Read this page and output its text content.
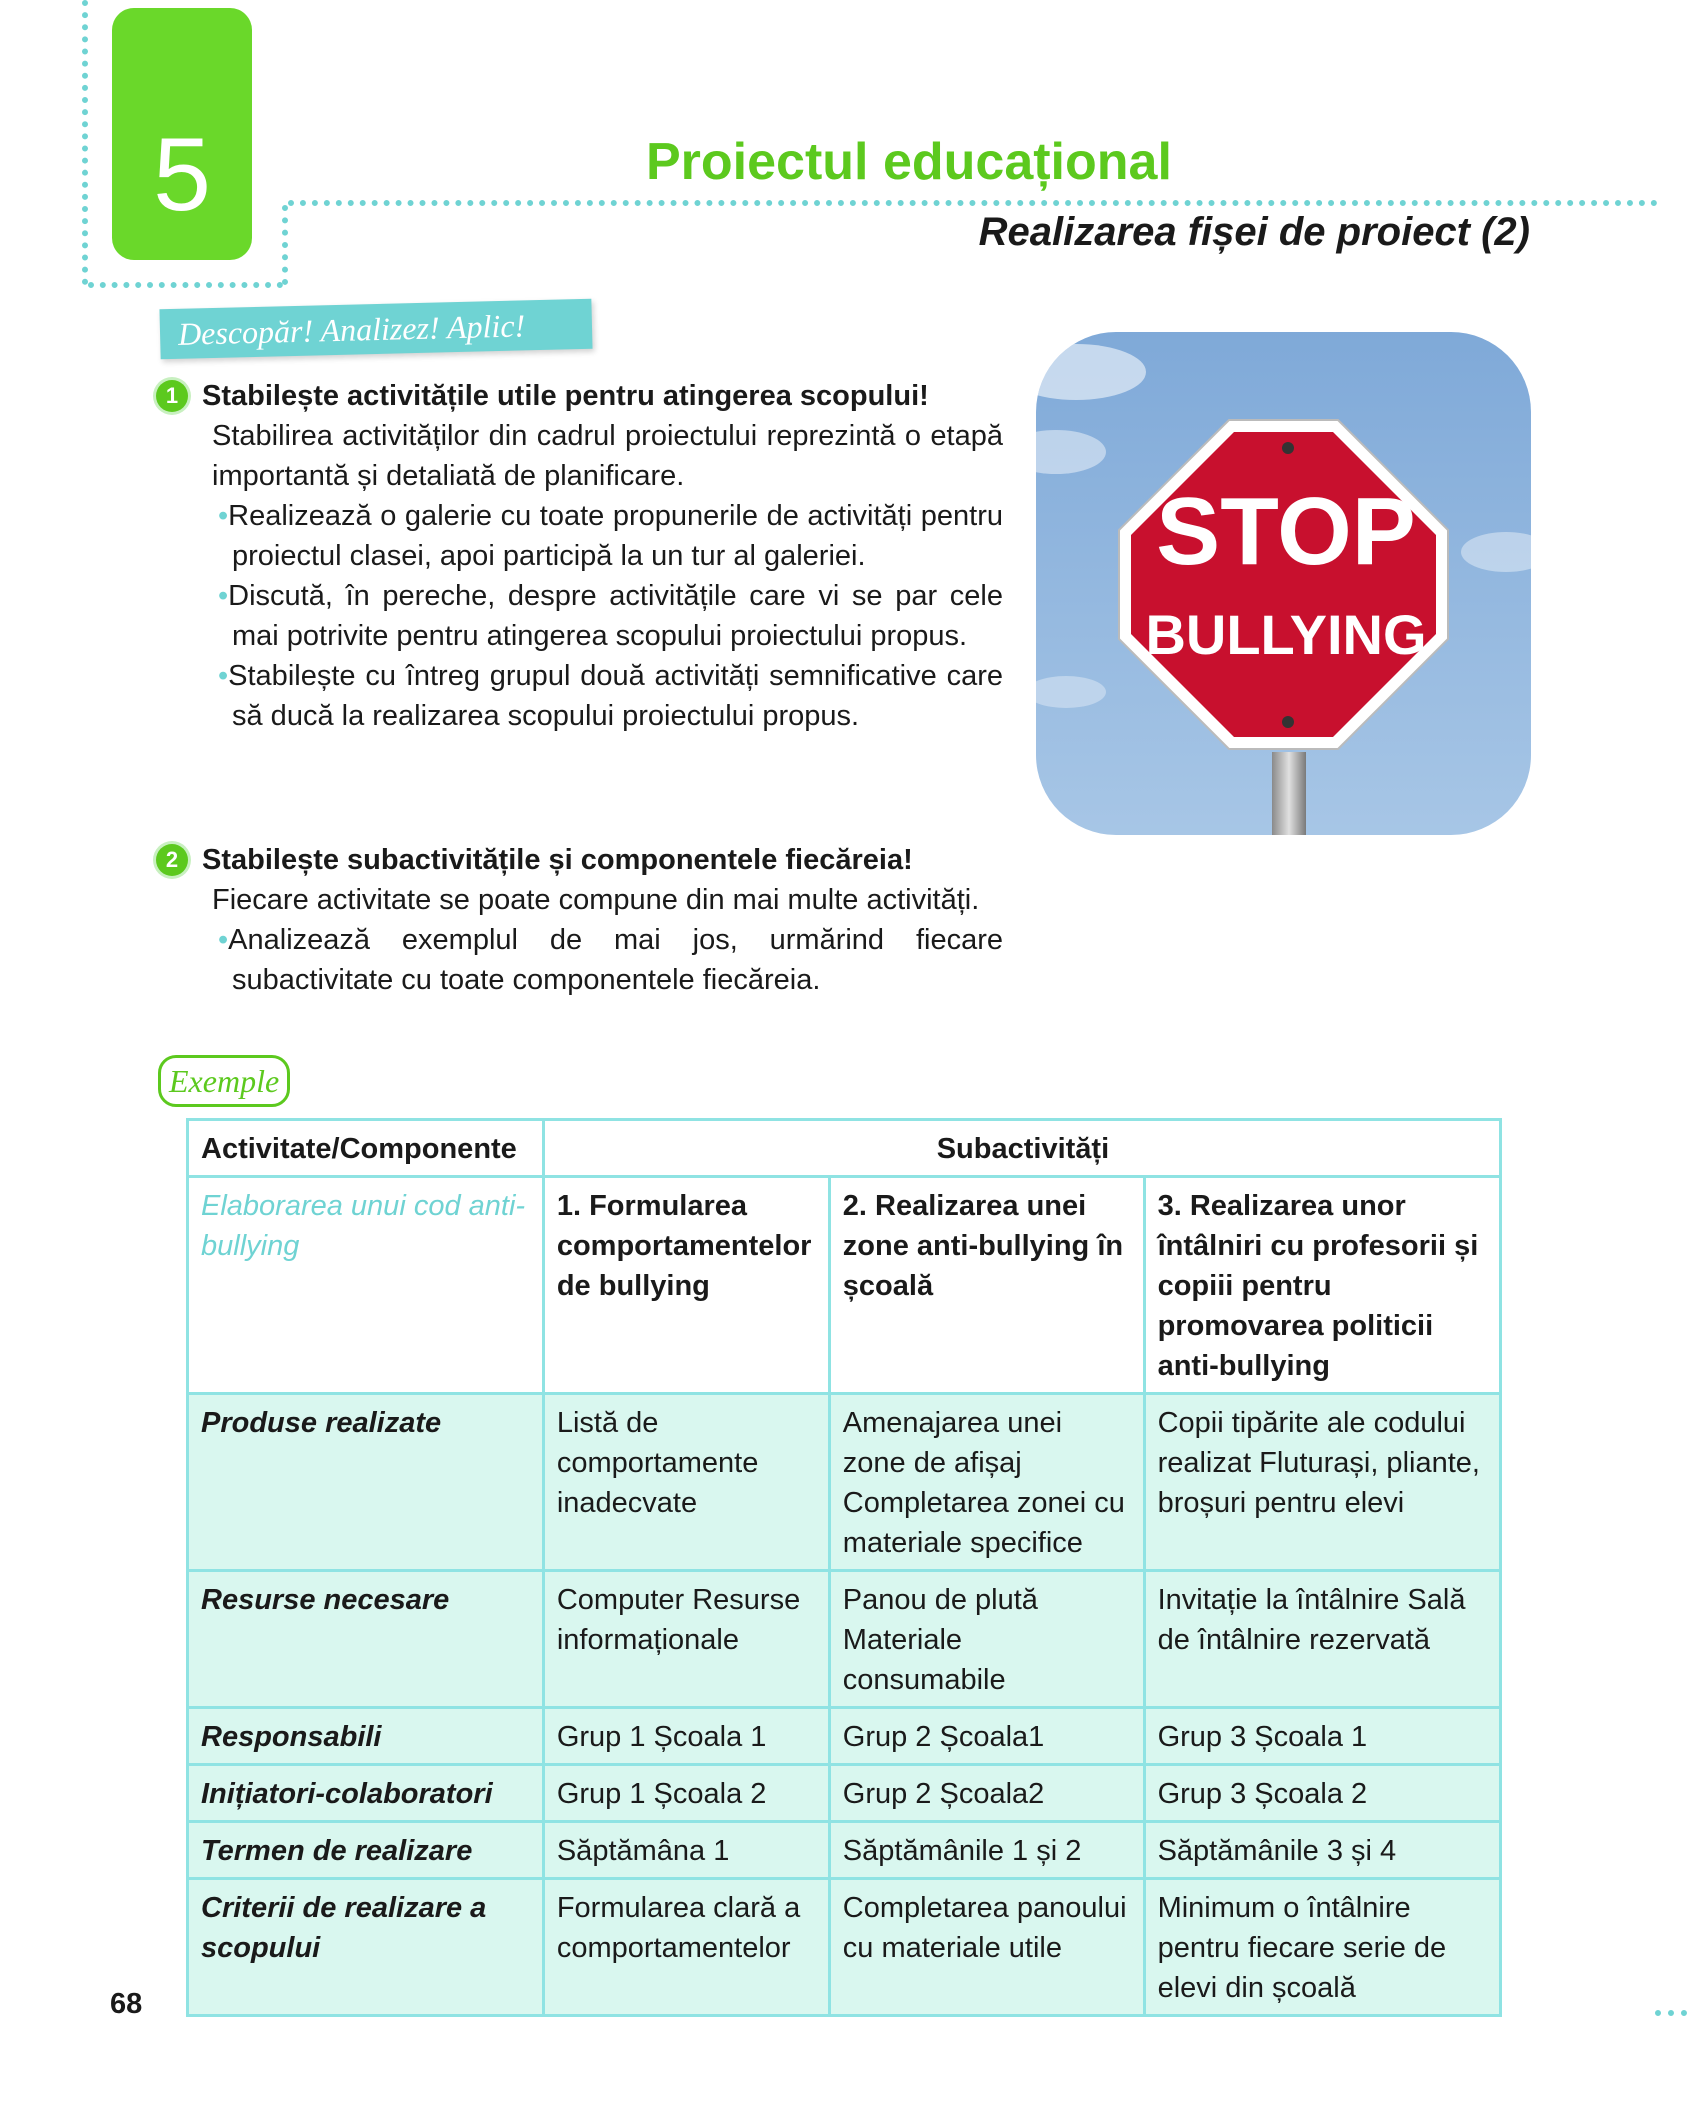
5	Proiectul educațional
Realizarea fișei de proiect (2)
Descopăr! Analizez! Aplic!
1 Stabilește activitățile utile pentru atingerea scopului!

Stabilirea activităților din cadrul proiectului reprezintă o etapă importantă și detaliată de planificare.

•Realizează o galerie cu toate propunerile de activități pentru proiectul clasei, apoi participă la un tur al galeriei.

•Discută, în pereche, despre activitățile care vi se par cele mai potrivite pentru atingerea scopului proiectului propus.

•Stabilește cu întreg grupul două activități semnificative care să ducă la realizarea scopului proiectului propus.

STOP
BULLYING
2 Stabilește subactivitățile și componentele fiecăreia!

Fiecare activitate se poate compune din mai multe activități.

•Analizează exemplul de mai jos, urmărind fiecare subactivitate cu toate componentele fiecăreia.

Exemple
Activitate/Componente	Subactivități		
Elaborarea unui cod anti-bullying	1. Formularea comportamentelor de bullying	2. Realizarea unei zone anti-bullying în școală	3. Realizarea unor întâlniri cu profesorii și copiii pentru promovarea politicii anti-bullying
Produse realizate	Listă de comportamente inadecvate	Amenajarea unei zone de afișaj Completarea zonei cu materiale specifice	Copii tipărite ale codului realizat Fluturași, pliante, broșuri pentru elevi
Resurse necesare	Computer Resurse informaționale	Panou de plută Materiale consumabile	Invitație la întâlnire Sală de întâlnire rezervată
Responsabili	Grup 1 Școala 1	Grup 2 Școala1	Grup 3 Școala 1
Inițiatori-colaboratori	Grup 1 Școala 2	Grup 2 Școala2	Grup 3 Școala 2
Termen de realizare	Săptămâna 1	Săptămânile 1 și 2	Săptămânile 3 și 4
Criterii de realizare a scopului	Formularea clară a comportamentelor	Completarea panoului cu materiale utile	Minimum o întâlnire pentru fiecare serie de elevi din școală
68
